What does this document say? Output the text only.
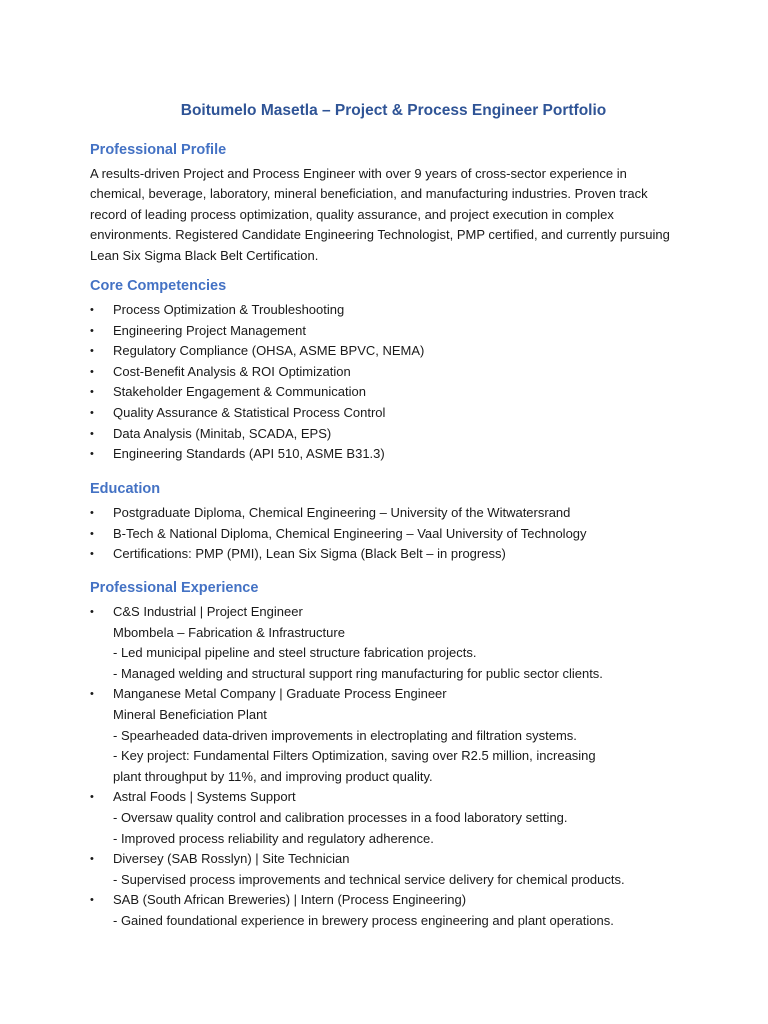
Boitumelo Masetla – Project & Process Engineer Portfolio
Professional Profile

A results-driven Project and Process Engineer with over 9 years of cross-sector experience in chemical, beverage, laboratory, mineral beneficiation, and manufacturing industries. Proven track record of leading process optimization, quality assurance, and project execution in complex environments. Registered Candidate Engineering Technologist, PMP certified, and currently pursuing Lean Six Sigma Black Belt Certification.

Core Competencies
• Process Optimization & Troubleshooting
• Engineering Project Management
• Regulatory Compliance (OHSA, ASME BPVC, NEMA)
• Cost-Benefit Analysis & ROI Optimization
• Stakeholder Engagement & Communication
• Quality Assurance & Statistical Process Control
• Data Analysis (Minitab, SCADA, EPS)
• Engineering Standards (API 510, ASME B31.3)
Education
• Postgraduate Diploma, Chemical Engineering – University of the Witwatersrand
• B-Tech & National Diploma, Chemical Engineering – Vaal University of Technology
• Certifications: PMP (PMI), Lean Six Sigma (Black Belt – in progress)
Professional Experience
• C&S Industrial | Project Engineer
Mbombela – Fabrication & Infrastructure
- Led municipal pipeline and steel structure fabrication projects.
- Managed welding and structural support ring manufacturing for public sector clients.
• Manganese Metal Company | Graduate Process Engineer
Mineral Beneficiation Plant
- Spearheaded data-driven improvements in electroplating and filtration systems.
- Key project: Fundamental Filters Optimization, saving over R2.5 million, increasing plant throughput by 11%, and improving product quality.
• Astral Foods | Systems Support
- Oversaw quality control and calibration processes in a food laboratory setting.
- Improved process reliability and regulatory adherence.
• Diversey (SAB Rosslyn) | Site Technician
- Supervised process improvements and technical service delivery for chemical products.
• SAB (South African Breweries) | Intern (Process Engineering)
- Gained foundational experience in brewery process engineering and plant operations.
